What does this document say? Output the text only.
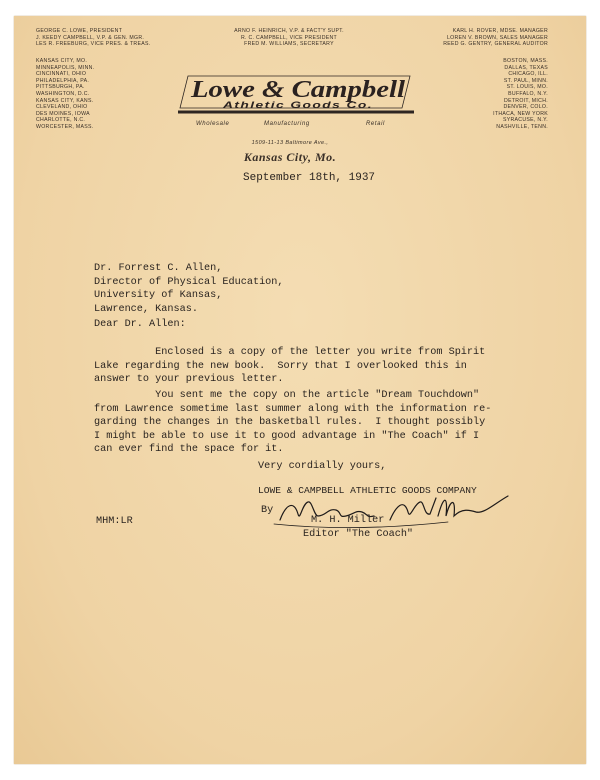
GEORGE C. LOWE, PRESIDENT
J. KEEDY CAMPBELL, V.P. & GEN. MGR.
LES R. FREEBURG, VICE PRES. & TREAS.
ARNO F. HEINRICH, V.P. & FACT'Y SUPT.
R. C. CAMPBELL, VICE PRESIDENT
FRED M. WILLIAMS, SECRETARY
KARL H. ROVER, MDSE. MANAGER
LOREN V. BROWN, SALES MANAGER
REED G. GENTRY, GENERAL AUDITOR
KANSAS CITY, MO.
MINNEAPOLIS, MINN.
CINCINNATI, OHIO
PHILADELPHIA, PA.
PITTSBURGH, PA.
WASHINGTON, D.C.
KANSAS CITY, KANS.
CLEVELAND, OHIO
DES MOINES, IOWA
CHARLOTTE, N.C.
WORCESTER, MASS.
BOSTON, MASS.
DALLAS, TEXAS
CHICAGO, ILL.
ST. PAUL, MINN.
ST. LOUIS, MO.
BUFFALO, N.Y.
DETROIT, MICH.
DENVER, COLO.
ITHACA, NEW YORK
SYRACUSE, N.Y.
NASHVILLE, TENN.
Lowe & Campbell
Athletic Goods Co.
Wholesale	Manufacturing	Retail
1509-11-13 Baltimore Ave.,
Kansas City, Mo.
September 18th, 1937
Dr. Forrest C. Allen,
Director of Physical Education,
University of Kansas,
Lawrence, Kansas.
Dear Dr. Allen:
Enclosed is a copy of the letter you write from Spirit
Lake regarding the new book.  Sorry that I overlooked this in
answer to your previous letter.
You sent me the copy on the article "Dream Touchdown"
from Lawrence sometime last summer along with the information re-
garding the changes in the basketball rules.  I thought possibly
I might be able to use it to good advantage in "The Coach" if I
can ever find the space for it.
Very cordially yours,
LOWE & CAMPBELL ATHLETIC GOODS COMPANY
By
M. H. Miller
Editor "The Coach"
MHM:LR
